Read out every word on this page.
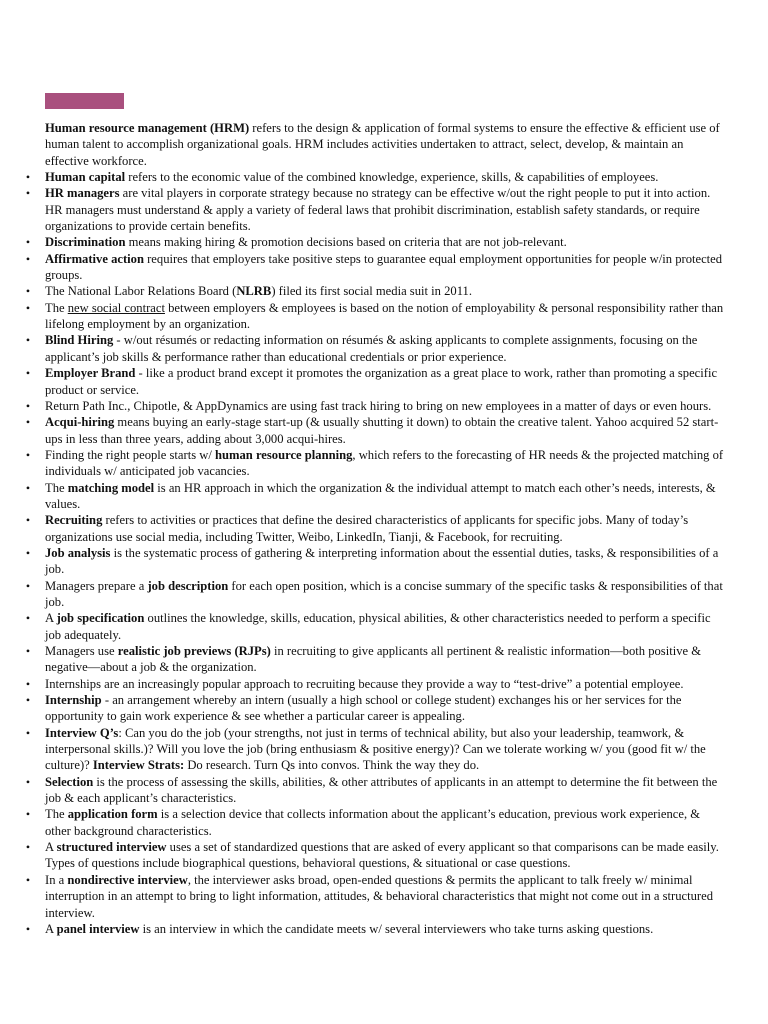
Human resource management (HRM) refers to the design & application of formal systems to ensure the effective & efficient use of human talent to accomplish organizational goals. HRM includes activities undertaken to attract, select, develop, & maintain an effective workforce.

• Human capital refers to the economic value of the combined knowledge, experience, skills, & capabilities of employees.
• HR managers are vital players in corporate strategy because no strategy can be effective w/out the right people to put it into action. HR managers must understand & apply a variety of federal laws that prohibit discrimination, establish safety standards, or require organizations to provide certain benefits.
• Discrimination means making hiring & promotion decisions based on criteria that are not job-relevant.
• Affirmative action requires that employers take positive steps to guarantee equal employment opportunities for people w/in protected groups.
• The National Labor Relations Board (NLRB) filed its first social media suit in 2011.
• The new social contract between employers & employees is based on the notion of employability & personal responsibility rather than lifelong employment by an organization.
• Blind Hiring - w/out résumés or redacting information on résumés & asking applicants to complete assignments, focusing on the applicant’s job skills & performance rather than educational credentials or prior experience.
• Employer Brand - like a product brand except it promotes the organization as a great place to work, rather than promoting a specific product or service.
• Return Path Inc., Chipotle, & AppDynamics are using fast track hiring to bring on new employees in a matter of days or even hours.
• Acqui-hiring means buying an early-stage start-up (& usually shutting it down) to obtain the creative talent. Yahoo acquired 52 start-ups in less than three years, adding about 3,000 acqui-hires.
• Finding the right people starts w/ human resource planning, which refers to the forecasting of HR needs & the projected matching of individuals w/ anticipated job vacancies.
• The matching model is an HR approach in which the organization & the individual attempt to match each other’s needs, interests, & values.
• Recruiting refers to activities or practices that define the desired characteristics of applicants for specific jobs. Many of today’s organizations use social media, including Twitter, Weibo, LinkedIn, Tianji, & Facebook, for recruiting.
• Job analysis is the systematic process of gathering & interpreting information about the essential duties, tasks, & responsibilities of a job.
• Managers prepare a job description for each open position, which is a concise summary of the specific tasks & responsibilities of that job.
• A job specification outlines the knowledge, skills, education, physical abilities, & other characteristics needed to perform a specific job adequately.
• Managers use realistic job previews (RJPs) in recruiting to give applicants all pertinent & realistic information—both positive & negative—about a job & the organization.
• Internships are an increasingly popular approach to recruiting because they provide a way to “test-drive” a potential employee.
• Internship - an arrangement whereby an intern (usually a high school or college student) exchanges his or her services for the opportunity to gain work experience & see whether a particular career is appealing.
• Interview Q’s: Can you do the job (your strengths, not just in terms of technical ability, but also your leadership, teamwork, & interpersonal skills.)? Will you love the job (bring enthusiasm & positive energy)? Can we tolerate working w/ you (good fit w/ the culture)? Interview Strats: Do research. Turn Qs into convos. Think the way they do.
• Selection is the process of assessing the skills, abilities, & other attributes of applicants in an attempt to determine the fit between the job & each applicant’s characteristics.
• The application form is a selection device that collects information about the applicant’s education, previous work experience, & other background characteristics.
• A structured interview uses a set of standardized questions that are asked of every applicant so that comparisons can be made easily. Types of questions include biographical questions, behavioral questions, & situational or case questions.
• In a nondirective interview, the interviewer asks broad, open-ended questions & permits the applicant to talk freely w/ minimal interruption in an attempt to bring to light information, attitudes, & behavioral characteristics that might not come out in a structured interview.
• A panel interview is an interview in which the candidate meets w/ several interviewers who take turns asking questions.
